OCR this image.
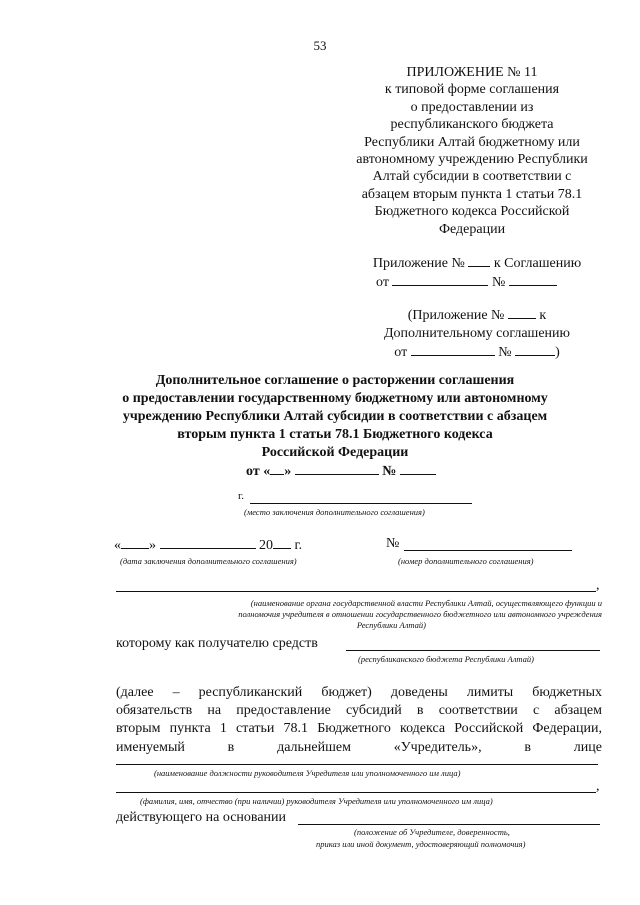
53
ПРИЛОЖЕНИЕ № 11
к типовой форме соглашения
о предоставлении из
республиканского бюджета
Республики Алтай бюджетному или
автономному учреждению Республики
Алтай субсидии в соответствии с
абзацем вторым пункта 1 статьи 78.1
Бюджетного кодекса Российской
Федерации
Приложение № к Соглашению
от	№
(Приложение №	к
Дополнительному соглашению
от	№	)
Дополнительное соглашение о расторжении соглашения
о предоставлении государственному бюджетному или автономному
учреждению Республики Алтай субсидии в соответствии с абзацем
вторым пункта 1 статьи 78.1 Бюджетного кодекса
Российской Федерации
от « »	№
г.
(место заключения дополнительного соглашения)
« »	20 г.
(дата заключения дополнительного соглашения)
№
(номер дополнительного соглашения)
,
(наименование органа государственной власти Республики Алтай, осуществляющего функции и
полномочия учредителя в отношении государственного бюджетного или автономного учреждения
Республики Алтай)
которому как получателю средств
(республиканского бюджета Республики Алтай)
(далее – республиканский бюджет) доведены лимиты бюджетных
обязательств на предоставление субсидий в соответствии с абзацем
вторым пункта 1 статьи 78.1 Бюджетного кодекса Российской Федерации,
именуемый	в	дальнейшем	«Учредитель»,	в	лице
(наименование должности руководителя Учредителя или уполномоченного им лица)
,
(фамилия, имя, отчество (при наличии) руководителя Учредителя или уполномоченного им лица)
действующего на основании
(положение об Учредителе, доверенность,
приказ или иной документ, удостоверяющий полномочия)
